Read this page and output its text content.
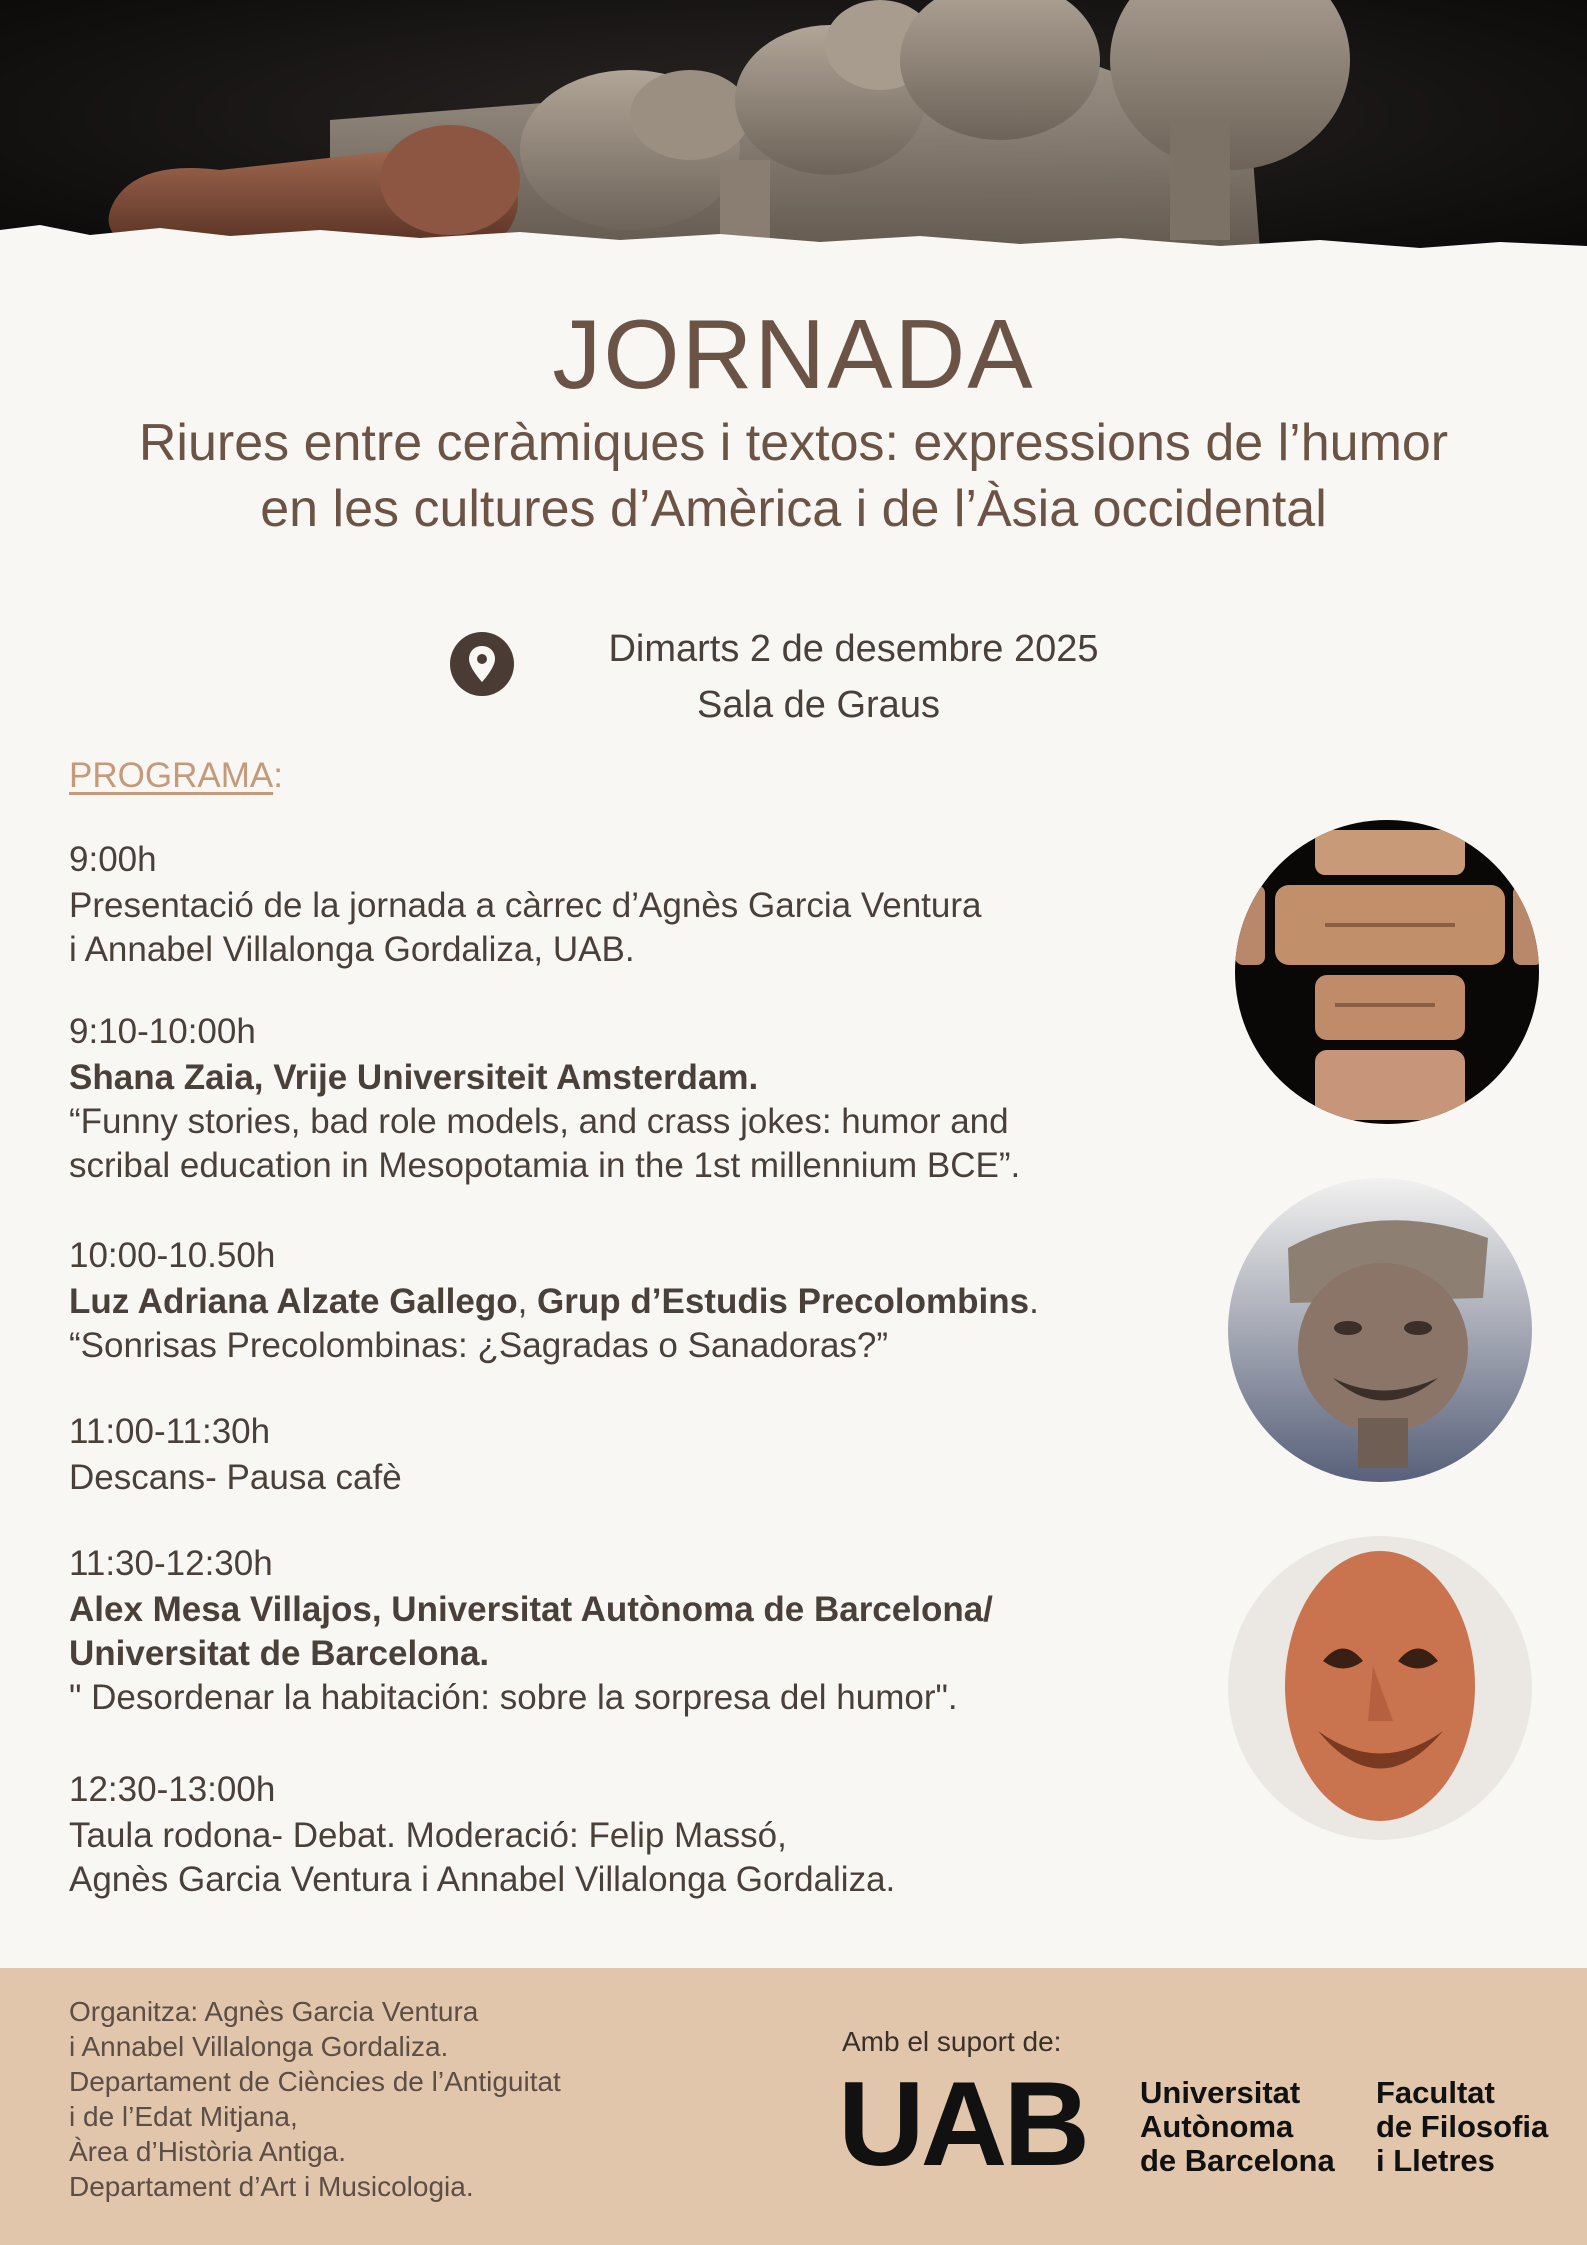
JORNADA
Riures entre ceràmiques i textos: expressions de l’humor en les cultures d’Amèrica i de l’Àsia occidental
Dimarts 2 de desembre 2025
Sala de Graus
PROGRAMA:
9:00h
Presentació de la jornada a càrrec d’Agnès Garcia Ventura
i Annabel Villalonga Gordaliza, UAB.
9:10-10:00h
Shana Zaia, Vrije Universiteit Amsterdam.
“Funny stories, bad role models, and crass jokes: humor and
scribal education in Mesopotamia in the 1st millennium BCE”.
10:00-10.50h
Luz Adriana Alzate Gallego, Grup d’Estudis Precolombins.
“Sonrisas Precolombinas: ¿Sagradas o Sanadoras?”
11:00-11:30h
Descans- Pausa cafè
11:30-12:30h
Alex Mesa Villajos, Universitat Autònoma de Barcelona/
Universitat de Barcelona.
" Desordenar la habitación: sobre la sorpresa del humor".
12:30-13:00h
Taula rodona- Debat. Moderació: Felip Massó,
Agnès Garcia Ventura i Annabel Villalonga Gordaliza.
Organitza: Agnès Garcia Ventura
i Annabel Villalonga Gordaliza.
Departament de Ciències de l’Antiguitat
i de l’Edat Mitjana,
Àrea d’Història Antiga.
Departament d’Art i Musicologia.
Amb el suport de:
UAB Universitat
Autònoma
de Barcelona
Facultat
de Filosofia
i Lletres
